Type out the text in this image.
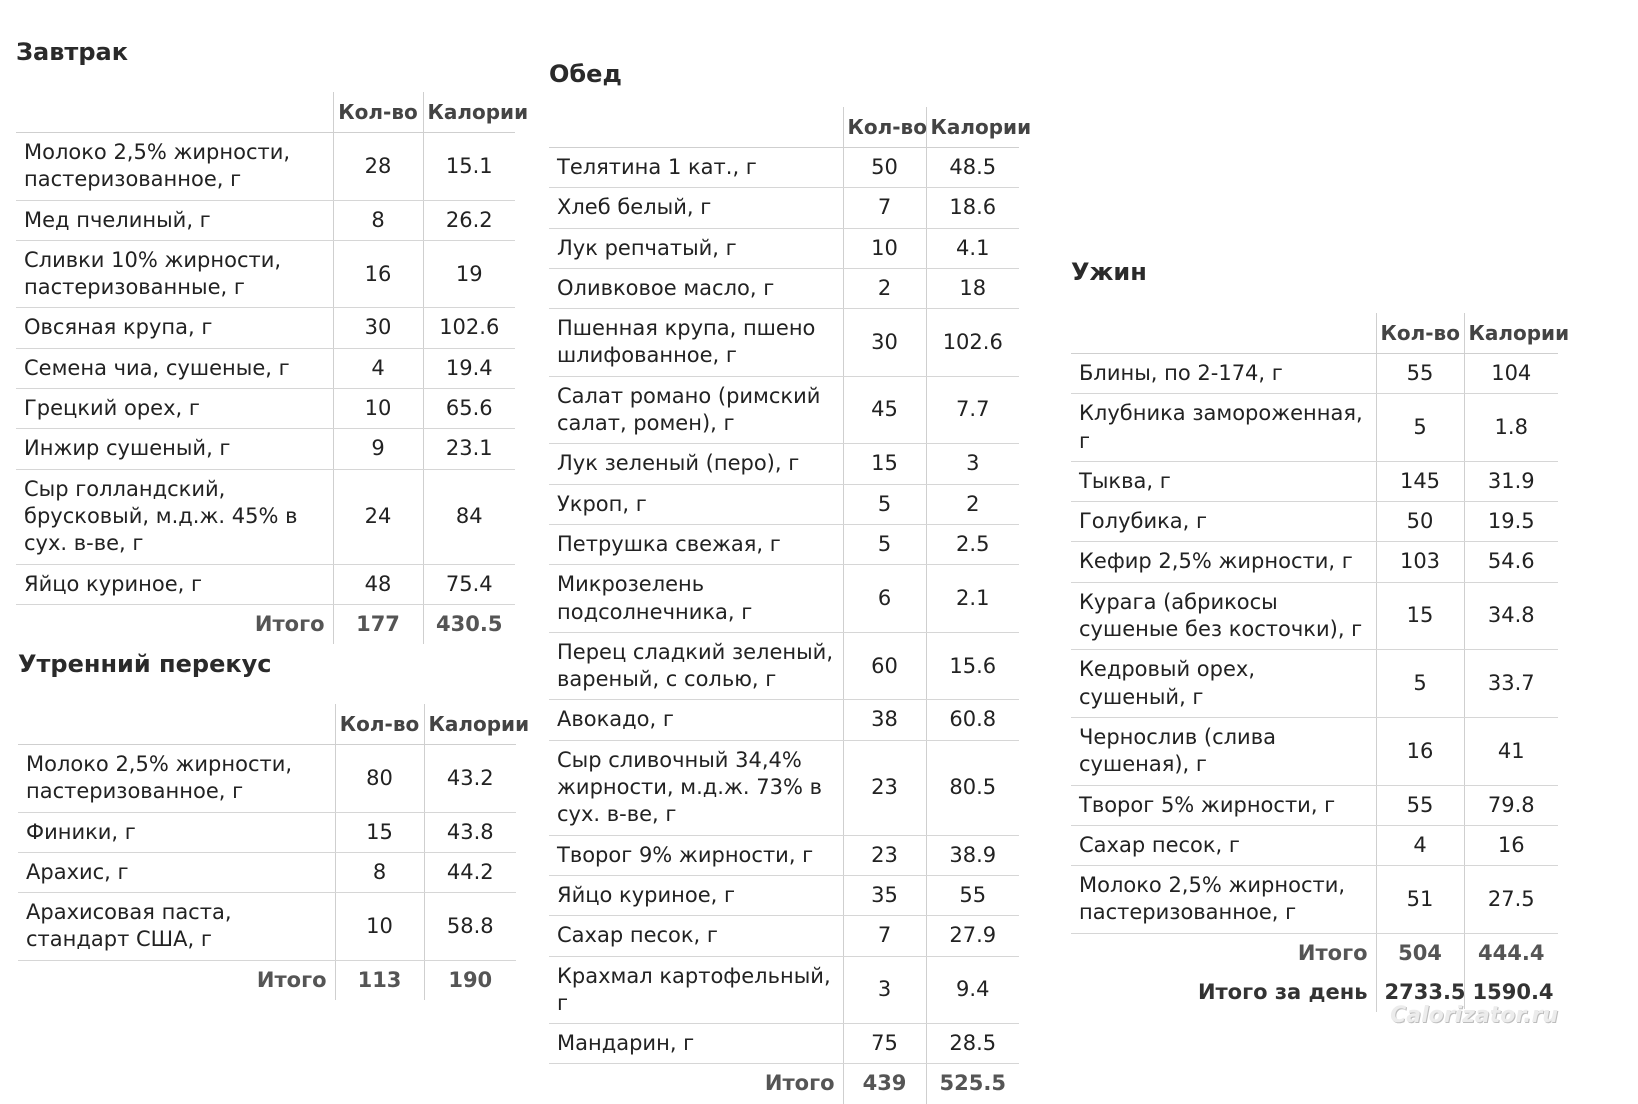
Завтрак
	Кол-во	Калории
Молоко 2,5% жирности, пастеризованное, г	28	15.1
Мед пчелиный, г	8	26.2
Сливки 10% жирности, пастеризованные, г	16	19
Овсяная крупа, г	30	102.6
Семена чиа, сушеные, г	4	19.4
Грецкий орех, г	10	65.6
Инжир сушеный, г	9	23.1
Сыр голландский, брусковый, м.д.ж. 45% в сух. в-ве, г	24	84
Яйцо куриное, г	48	75.4
Итого	177	430.5
Утренний перекус
	Кол-во	Калории
Молоко 2,5% жирности, пастеризованное, г	80	43.2
Финики, г	15	43.8
Арахис, г	8	44.2
Арахисовая паста, стандарт США, г	10	58.8
Итого	113	190
Обед
	Кол-во	Калории
Телятина 1 кат., г	50	48.5
Хлеб белый, г	7	18.6
Лук репчатый, г	10	4.1
Оливковое масло, г	2	18
Пшенная крупа, пшено шлифованное, г	30	102.6
Салат романо (римский салат, ромен), г	45	7.7
Лук зеленый (перо), г	15	3
Укроп, г	5	2
Петрушка свежая, г	5	2.5
Микрозелень подсолнечника, г	6	2.1
Перец сладкий зеленый, вареный, с солью, г	60	15.6
Авокадо, г	38	60.8
Сыр сливочный 34,4% жирности, м.д.ж. 73% в сух. в-ве, г	23	80.5
Творог 9% жирности, г	23	38.9
Яйцо куриное, г	35	55
Сахар песок, г	7	27.9
Крахмал картофельный, г	3	9.4
Мандарин, г	75	28.5
Итого	439	525.5
Ужин
	Кол-во	Калории
Блины, по 2-174, г	55	104
Клубника замороженная, г	5	1.8
Тыква, г	145	31.9
Голубика, г	50	19.5
Кефир 2,5% жирности, г	103	54.6
Курага (абрикосы сушеные без косточки), г	15	34.8
Кедровый орех, сушеный, г	5	33.7
Чернослив (слива сушеная), г	16	41
Творог 5% жирности, г	55	79.8
Сахар песок, г	4	16
Молоко 2,5% жирности, пастеризованное, г	51	27.5
Итого	504	444.4
Итого за день	2733.5	1590.4
Calorizator.ru
